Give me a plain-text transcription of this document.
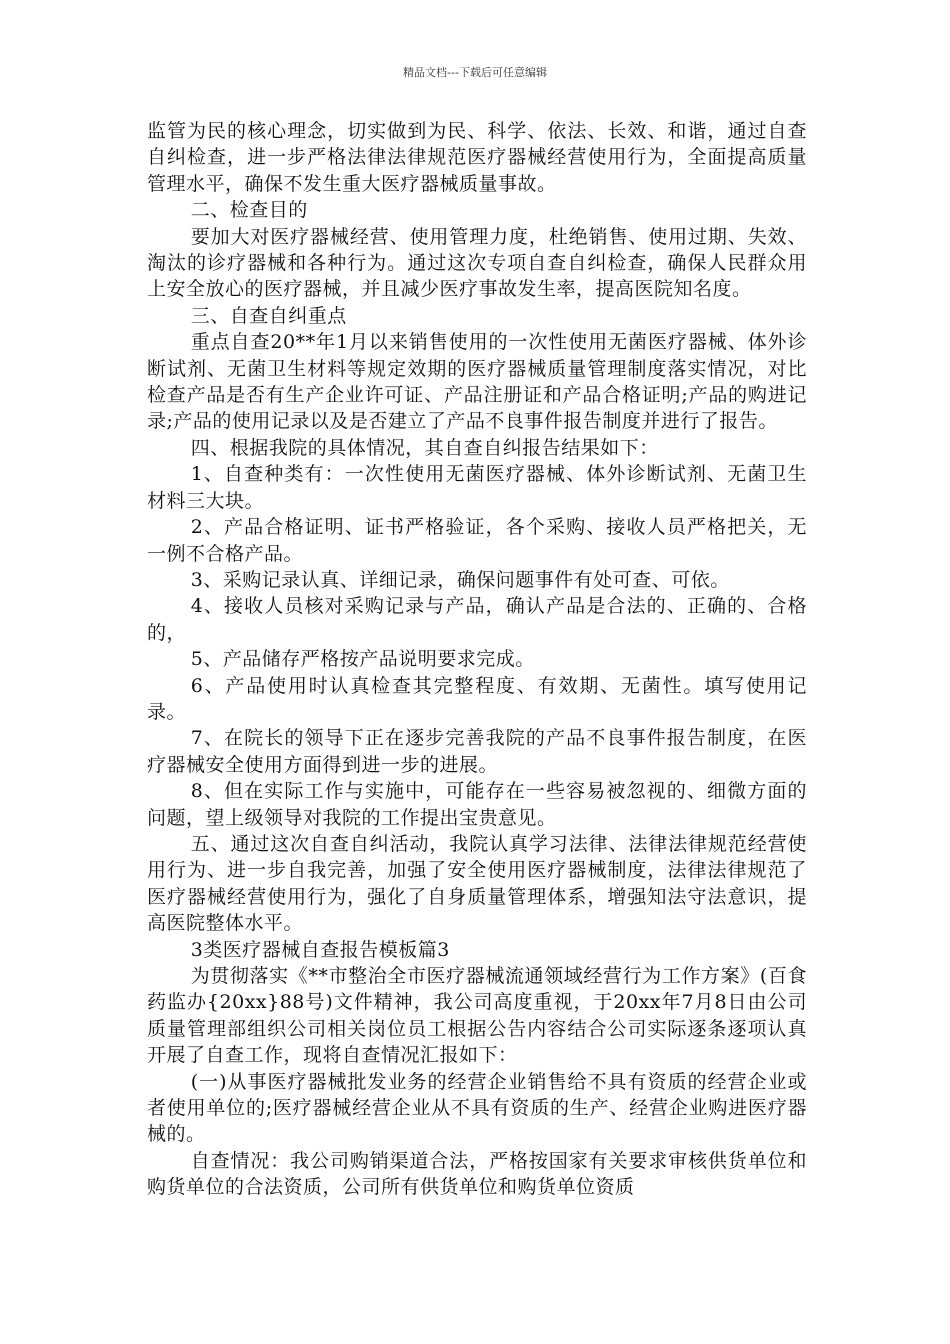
精品文档---下载后可任意编辑

监管为民的核心理念，切实做到为民、科学、依法、长效、和谐，通过自查自纠检查，进一步严格法律法律规范医疗器械经营使用行为，全面提高质量管理水平，确保不发生重大医疗器械质量事故。

二、检查目的

要加大对医疗器械经营、使用管理力度，杜绝销售、使用过期、失效、淘汰的诊疗器械和各种行为。通过这次专项自查自纠检查，确保人民群众用上安全放心的医疗器械，并且减少医疗事故发生率，提高医院知名度。

三、自查自纠重点

重点自查20**年1月以来销售使用的一次性使用无菌医疗器械、体外诊断试剂、无菌卫生材料等规定效期的医疗器械质量管理制度落实情况，对比检查产品是否有生产企业许可证、产品注册证和产品合格证明;产品的购进记录;产品的使用记录以及是否建立了产品不良事件报告制度并进行了报告。

四、根据我院的具体情况，其自查自纠报告结果如下：

1、自查种类有：一次性使用无菌医疗器械、体外诊断试剂、无菌卫生材料三大块。

2、产品合格证明、证书严格验证，各个采购、接收人员严格把关，无一例不合格产品。

3、采购记录认真、详细记录，确保问题事件有处可查、可依。

4、接收人员核对采购记录与产品，确认产品是合法的、正确的、合格的，

5、产品储存严格按产品说明要求完成。

6、产品使用时认真检查其完整程度、有效期、无菌性。填写使用记录。

7、在院长的领导下正在逐步完善我院的产品不良事件报告制度，在医疗器械安全使用方面得到进一步的进展。

8、但在实际工作与实施中，可能存在一些容易被忽视的、细微方面的问题，望上级领导对我院的工作提出宝贵意见。

五、通过这次自查自纠活动，我院认真学习法律、法律法律规范经营使用行为、进一步自我完善，加强了安全使用医疗器械制度，法律法律规范了医疗器械经营使用行为，强化了自身质量管理体系，增强知法守法意识，提高医院整体水平。

3类医疗器械自查报告模板篇3

为贯彻落实《**市整治全市医疗器械流通领域经营行为工作方案》(百食药监办{20xx}88号)文件精神，我公司高度重视，于20xx年7月8日由公司质量管理部组织公司相关岗位员工根据公告内容结合公司实际逐条逐项认真开展了自查工作，现将自查情况汇报如下：

(一)从事医疗器械批发业务的经营企业销售给不具有资质的经营企业或者使用单位的;医疗器械经营企业从不具有资质的生产、经营企业购进医疗器械的。

自查情况：我公司购销渠道合法，严格按国家有关要求审核供货单位和购货单位的合法资质，公司所有供货单位和购货单位资质
